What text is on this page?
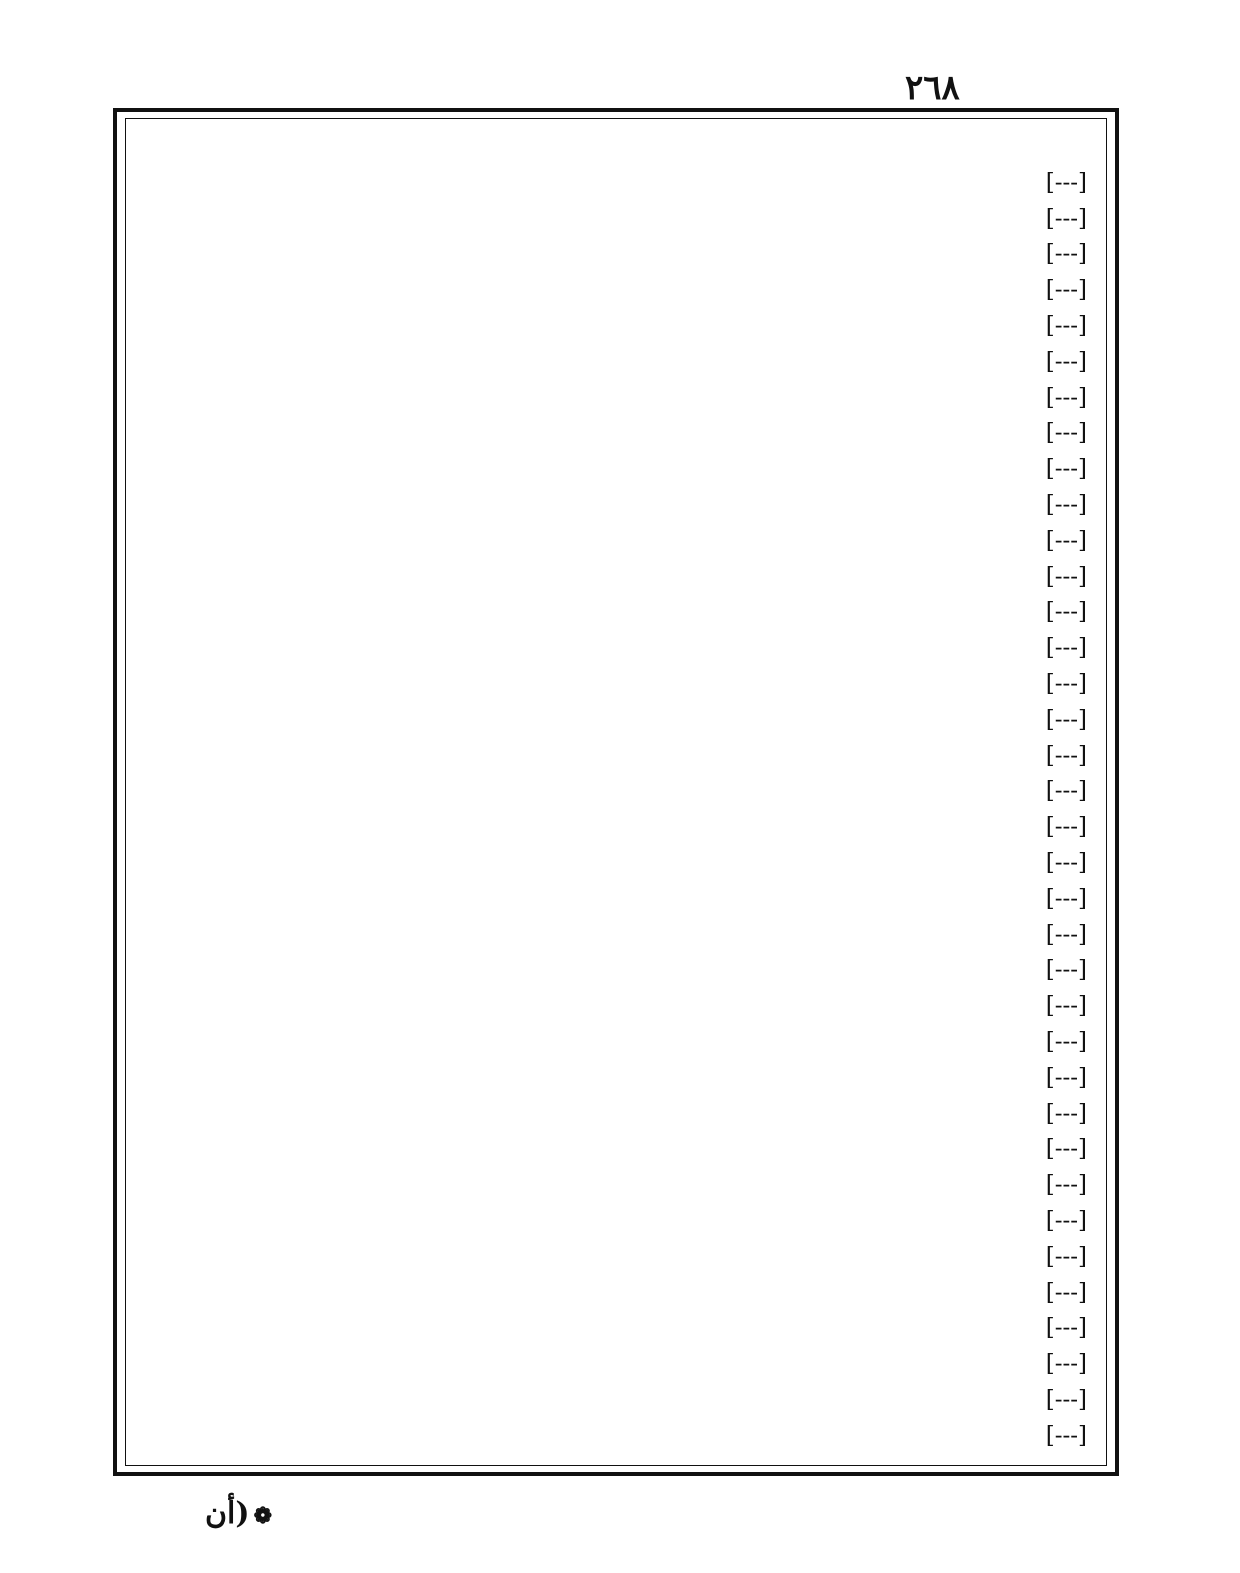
٢٦٨
[---]
[---]
[---]
[---]
[---]
[---]
[---]
[---]
[---]
[---]
[---]
[---]
[---]
[---]
[---]
[---]
[---]
[---]
[---]
[---]
[---]
[---]
[---]
[---]
[---]
[---]
[---]
[---]
[---]
[---]
[---]
[---]
[---]
[---]
[---]
[---]
❁(أن
